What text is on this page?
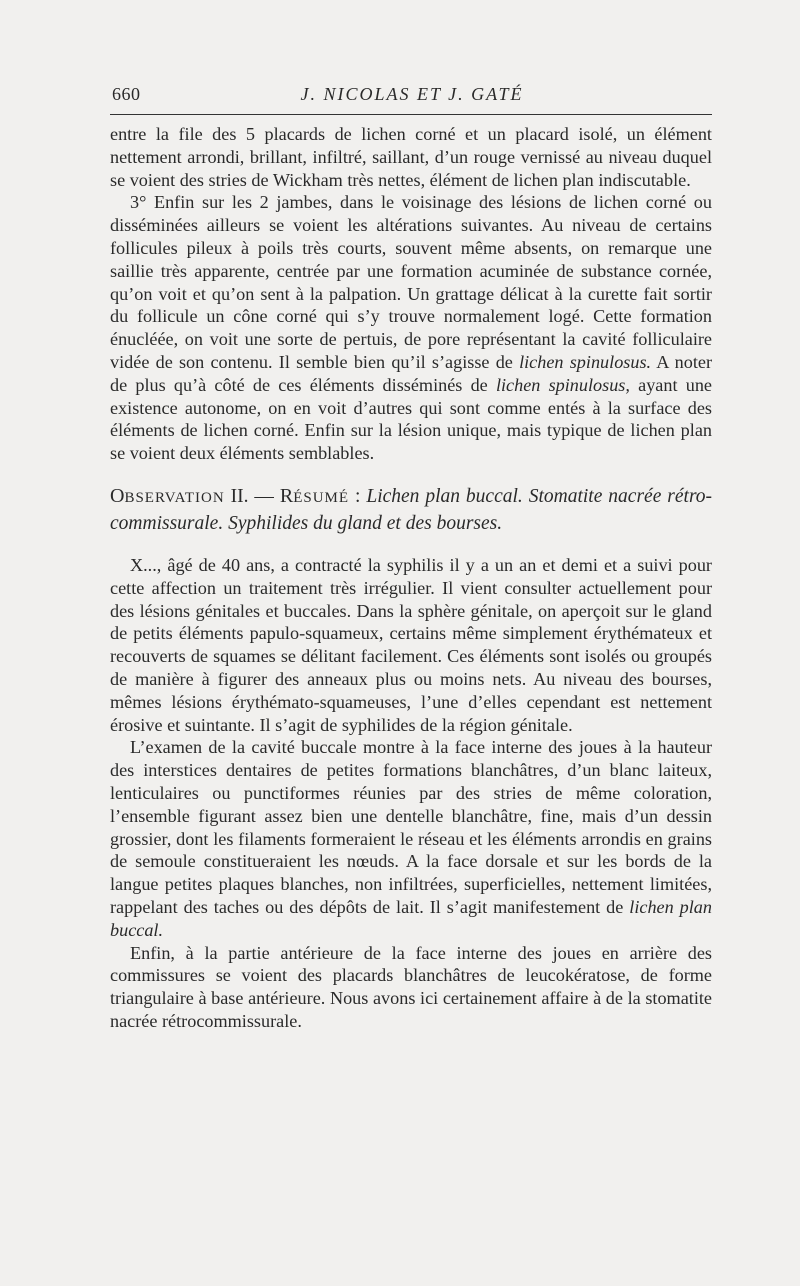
660	J. NICOLAS ET J. GATÉ

entre la file des 5 placards de lichen corné et un placard isolé, un élément nettement arrondi, brillant, infiltré, saillant, d’un rouge vernissé au niveau duquel se voient des stries de Wickham très nettes, élément de lichen plan indiscutable.

3° Enfin sur les 2 jambes, dans le voisinage des lésions de lichen corné ou disséminées ailleurs se voient les altérations suivantes. Au niveau de certains follicules pileux à poils très courts, souvent même absents, on remarque une saillie très apparente, centrée par une formation acuminée de substance cornée, qu’on voit et qu’on sent à la palpation. Un grattage délicat à la curette fait sortir du follicule un cône corné qui s’y trouve normalement logé. Cette formation énucléée, on voit une sorte de pertuis, de pore représentant la cavité folliculaire vidée de son contenu. Il semble bien qu’il s’agisse de lichen spinulosus. A noter de plus qu’à côté de ces éléments disséminés de lichen spinulosus, ayant une existence autonome, on en voit d’autres qui sont comme entés à la surface des éléments de lichen corné. Enfin sur la lésion unique, mais typique de lichen plan se voient deux éléments semblables.

OBSERVATION II. — RÉSUMÉ : Lichen plan buccal. Stomatite nacrée rétro-commissurale. Syphilides du gland et des bourses.

X..., âgé de 40 ans, a contracté la syphilis il y a un an et demi et a suivi pour cette affection un traitement très irrégulier. Il vient consulter actuellement pour des lésions génitales et buccales. Dans la sphère génitale, on aperçoit sur le gland de petits éléments papulo-squameux, certains même simplement érythémateux et recouverts de squames se délitant facilement. Ces éléments sont isolés ou groupés de manière à figurer des anneaux plus ou moins nets. Au niveau des bourses, mêmes lésions érythémato-squameuses, l’une d’elles cependant est nettement érosive et suintante. Il s’agit de syphilides de la région génitale.

L’examen de la cavité buccale montre à la face interne des joues à la hauteur des interstices dentaires de petites formations blanchâtres, d’un blanc laiteux, lenticulaires ou punctiformes réunies par des stries de même coloration, l’ensemble figurant assez bien une dentelle blanchâtre, fine, mais d’un dessin grossier, dont les filaments formeraient le réseau et les éléments arrondis en grains de semoule constitueraient les nœuds. A la face dorsale et sur les bords de la langue petites plaques blanches, non infiltrées, superficielles, nettement limitées, rappelant des taches ou des dépôts de lait. Il s’agit manifestement de lichen plan buccal.

Enfin, à la partie antérieure de la face interne des joues en arrière des commissures se voient des placards blanchâtres de leucokératose, de forme triangulaire à base antérieure. Nous avons ici certainement affaire à de la stomatite nacrée rétrocommissurale.
